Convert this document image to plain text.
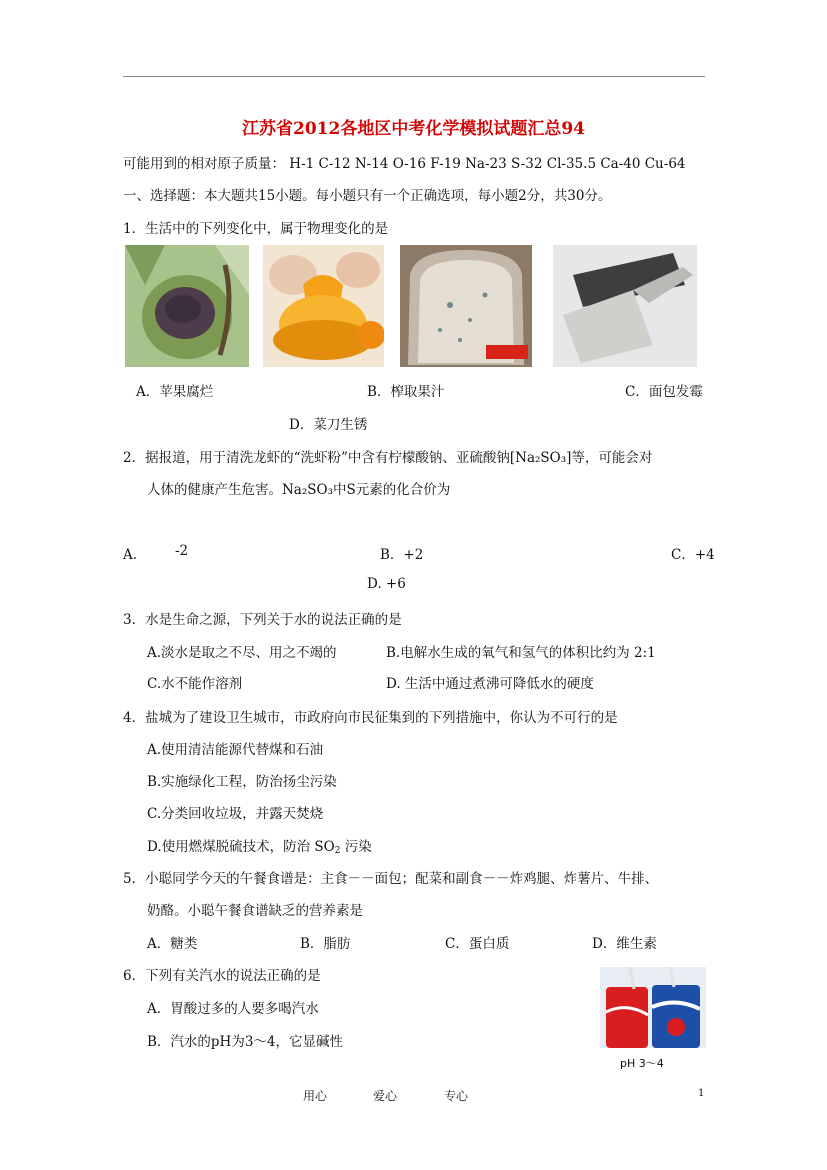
江苏省2012各地区中考化学模拟试题汇总94
可能用到的相对原子质量： H-1 C-12 N-14 O-16 F-19 Na-23 S-32 Cl-35.5 Ca-40 Cu-64
一、选择题：本大题共15小题。每小题只有一个正确选项，每小题2分，共30分。
1．生活中的下列变化中，属于物理变化的是
A．苹果腐烂	B．榨取果汁	C．面包发霉
D．菜刀生锈
2．据报道，用于清洗龙虾的“洗虾粉”中含有柠檬酸钠、亚硫酸钠[Na₂SO₃]等，可能会对
人体的健康产生危害。Na₂SO₃中S元素的化合价为
A． -2	B．+2	C．+4
D. +6
3．水是生命之源，下列关于水的说法正确的是
A.淡水是取之不尽、用之不竭的	B.电解水生成的氧气和氢气的体积比约为 2:1
C.水不能作溶剂	D. 生活中通过煮沸可降低水的硬度
4．盐城为了建设卫生城市，市政府向市民征集到的下列措施中，你认为不可行的是
A.使用清洁能源代替煤和石油
B.实施绿化工程，防治扬尘污染
C.分类回收垃圾，并露天焚烧
D.使用燃煤脱硫技术，防治 $SO_2$ 污染
5．小聪同学今天的午餐食谱是：主食－－面包；配菜和副食－－炸鸡腿、炸薯片、牛排、
奶酪。小聪午餐食谱缺乏的营养素是
A．糖类	B．脂肪	C．蛋白质	D．维生素
6．下列有关汽水的说法正确的是
A．胃酸过多的人要多喝汽水
B．汽水的pH为3～4，它显碱性
pH 3～4
用心	爱心	专心	1
